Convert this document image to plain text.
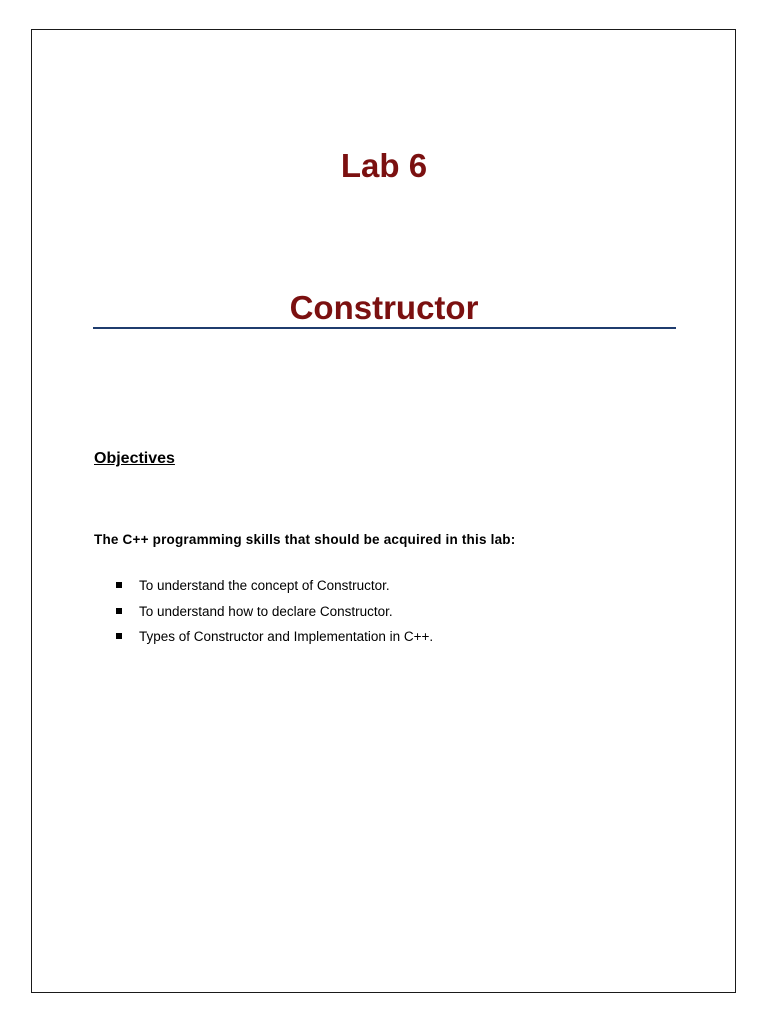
Lab 6
Constructor
Objectives
The C++ programming skills that should be acquired in this lab:
To understand the concept of Constructor.
To understand how to declare Constructor.
Types of Constructor and Implementation in C++.
